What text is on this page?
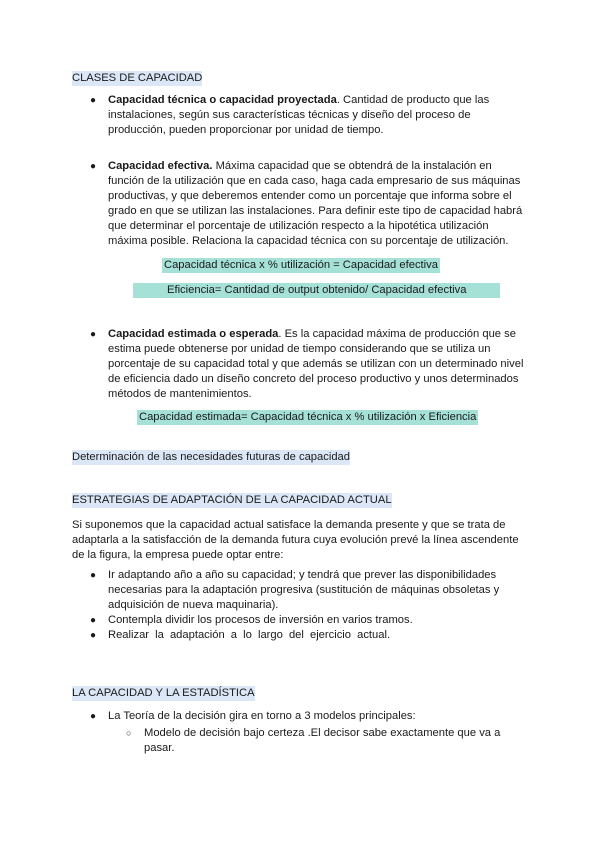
CLASES DE CAPACIDAD
● Capacidad técnica o capacidad proyectada. Cantidad de producto que las instalaciones, según sus características técnicas y diseño del proceso de producción, pueden proporcionar por unidad de tiempo.
● Capacidad efectiva. Máxima capacidad que se obtendrá de la instalación en función de la utilización que en cada caso, haga cada empresario de sus máquinas productivas, y que deberemos entender como un porcentaje que informa sobre el grado en que se utilizan las instalaciones. Para definir este tipo de capacidad habrá que determinar el porcentaje de utilización respecto a la hipotética utilización máxima posible. Relaciona la capacidad técnica con su porcentaje de utilización.
Capacidad técnica x % utilización = Capacidad efectiva
Eficiencia= Cantidad de output obtenido/ Capacidad efectiva
● Capacidad estimada o esperada. Es la capacidad máxima de producción que se estima puede obtenerse por unidad de tiempo considerando que se utiliza un porcentaje de su capacidad total y que además se utilizan con un determinado nivel de eficiencia dado un diseño concreto del proceso productivo y unos determinados métodos de mantenimientos.
Capacidad estimada= Capacidad técnica x % utilización x Eficiencia
Determinación de las necesidades futuras de capacidad
ESTRATEGIAS DE ADAPTACIÓN DE LA CAPACIDAD ACTUAL

Si suponemos que la capacidad actual satisface la demanda presente y que se trata de adaptarla a la satisfacción de la demanda futura cuya evolución prevé la línea ascendente de la figura, la empresa puede optar entre:

● Ir adaptando año a año su capacidad; y tendrá que prever las disponibilidades necesarias para la adaptación progresiva (sustitución de máquinas obsoletas y adquisición de nueva maquinaria).
● Contempla dividir los procesos de inversión en varios tramos.
● Realizar la adaptación a lo largo del ejercicio actual.
LA CAPACIDAD Y LA ESTADÍSTICA
● La Teoría de la decisión gira en torno a 3 modelos principales:
○ Modelo de decisión bajo certeza .El decisor sabe exactamente que va a pasar.
